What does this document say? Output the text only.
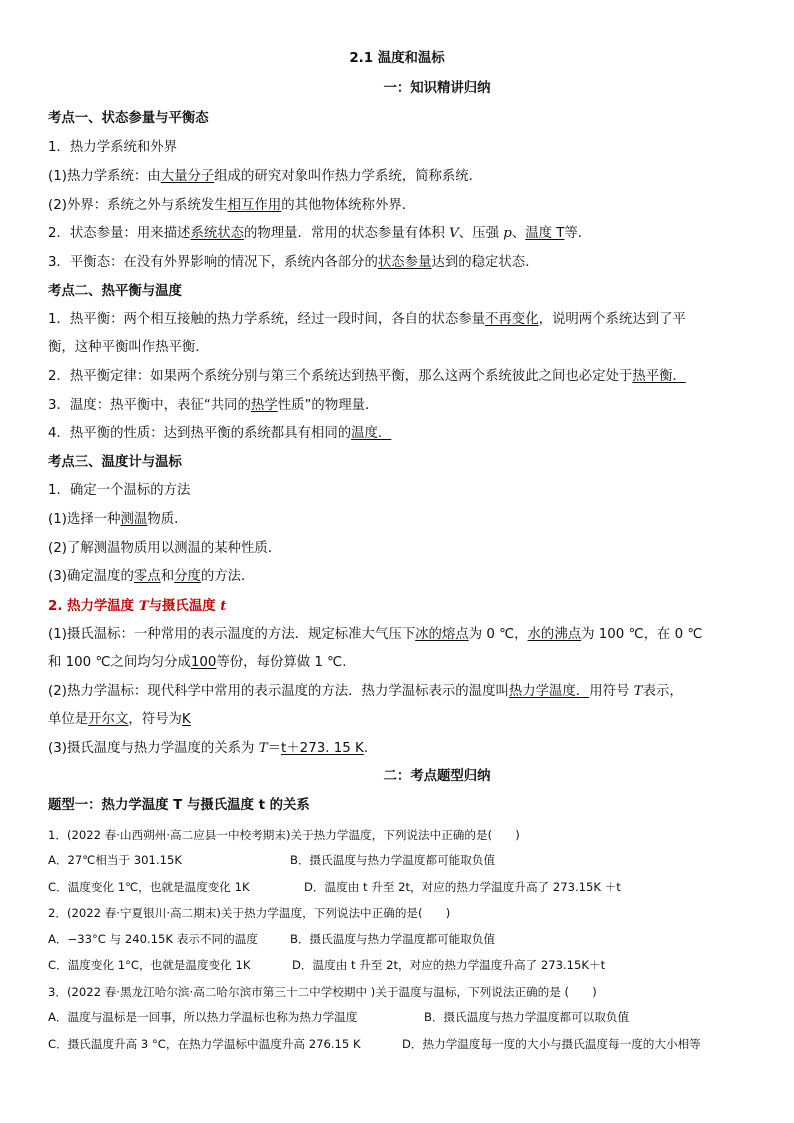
2.1 温度和温标
一：知识精讲归纳
考点一、状态参量与平衡态
1．热力学系统和外界
(1)热力学系统：由大量分子组成的研究对象叫作热力学系统，简称系统．
(2)外界：系统之外与系统发生相互作用的其他物体统称外界．
2．状态参量：用来描述系统状态的物理量．常用的状态参量有体积 V、压强 p、温度 T等．
3．平衡态：在没有外界影响的情况下，系统内各部分的状态参量达到的稳定状态．
考点二、热平衡与温度
1．热平衡：两个相互接触的热力学系统，经过一段时间，各自的状态参量不再变化，说明两个系统达到了平
衡，这种平衡叫作热平衡．
2．热平衡定律：如果两个系统分别与第三个系统达到热平衡，那么这两个系统彼此之间也必定处于热平衡．
3．温度：热平衡中，表征“共同的热学性质”的物理量．
4．热平衡的性质：达到热平衡的系统都具有相同的温度．
考点三、温度计与温标
1．确定一个温标的方法
(1)选择一种测温物质．
(2)了解测温物质用以测温的某种性质．
(3)确定温度的零点和分度的方法．
2. 热力学温度 T与摄氏温度 t
(1)摄氏温标：一种常用的表示温度的方法．规定标准大气压下冰的熔点为 0 ℃，水的沸点为 100 ℃，在 0 ℃
和 100 ℃之间均匀分成100等份，每份算做 1 ℃.
(2)热力学温标：现代科学中常用的表示温度的方法．热力学温标表示的温度叫热力学温度．用符号 T表示，
单位是开尔文，符号为K
(3)摄氏温度与热力学温度的关系为 T＝t＋273. 15 K.
二：考点题型归纳
题型一：热力学温度 T 与摄氏温度 t 的关系
1．(2022 春·山西朔州·高二应县一中校考期末)关于热力学温度，下列说法中正确的是(　　)
A．27℃相当于 301.15K	B．摄氏温度与热力学温度都可能取负值
C．温度变化 1℃，也就是温度变化 1K	D．温度由 t 升至 2t，对应的热力学温度升高了 273.15K ＋t
2．(2022 春·宁夏银川·高二期末)关于热力学温度，下列说法中正确的是(　　)
A．−33°C 与 240.15K 表示不同的温度	B．摄氏温度与热力学温度都可能取负值
C．温度变化 1°C，也就是温度变化 1K	D．温度由 t 升至 2t，对应的热力学温度升高了 273.15K＋t
3．(2022 春·黑龙江哈尔滨·高二哈尔滨市第三十二中学校期中 )关于温度与温标，下列说法正确的是 (　　)
A．温度与温标是一回事，所以热力学温标也称为热力学温度	B．摄氏温度与热力学温度都可以取负值
C．摄氏温度升高 3 °C，在热力学温标中温度升高 276.15 K	D．热力学温度每一度的大小与摄氏温度每一度的大小相等
